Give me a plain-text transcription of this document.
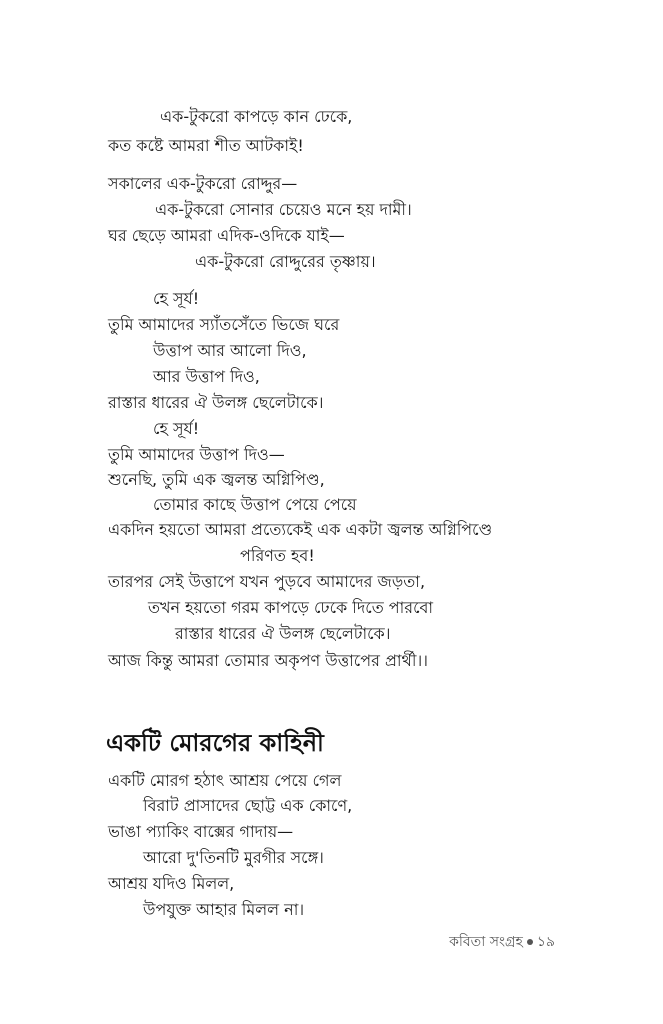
এক-টুকরো কাপড়ে কান ঢেকে,
কত কষ্টে আমরা শীত আটকাই!
সকালের এক-টুকরো রোদ্দুর—
এক-টুকরো সোনার চেয়েও মনে হয় দামী।
ঘর ছেড়ে আমরা এদিক-ওদিকে যাই—
এক-টুকরো রোদ্দুরের তৃষ্ণায়।
হে সূর্য!
তুমি আমাদের স্যাঁতসেঁতে ভিজে ঘরে
উত্তাপ আর আলো দিও,
আর উত্তাপ দিও,
রাস্তার ধারের ঐ উলঙ্গ ছেলেটাকে।
হে সূর্য!
তুমি আমাদের উত্তাপ দিও—
শুনেছি, তুমি এক জ্বলন্ত অগ্নিপিণ্ড,
তোমার কাছে উত্তাপ পেয়ে পেয়ে
একদিন হয়তো আমরা প্রত্যেকেই এক একটা জ্বলন্ত অগ্নিপিণ্ডে
পরিণত হব!
তারপর সেই উত্তাপে যখন পুড়বে আমাদের জড়তা,
তখন হয়তো গরম কাপড়ে ঢেকে দিতে পারবো
রাস্তার ধারের ঐ উলঙ্গ ছেলেটাকে।
আজ কিন্তু আমরা তোমার অকৃপণ উত্তাপের প্রার্থী।।
একটি মোরগের কাহিনী
একটি মোরগ হঠাৎ আশ্রয় পেয়ে গেল
বিরাট প্রাসাদের ছোট্ট এক কোণে,
ভাঙা প্যাকিং বাক্সের গাদায়—
আরো দু'তিনটি মুরগীর সঙ্গে।
আশ্রয় যদিও মিলল,
উপযুক্ত আহার মিলল না।
কবিতা সংগ্রহ ১৯
